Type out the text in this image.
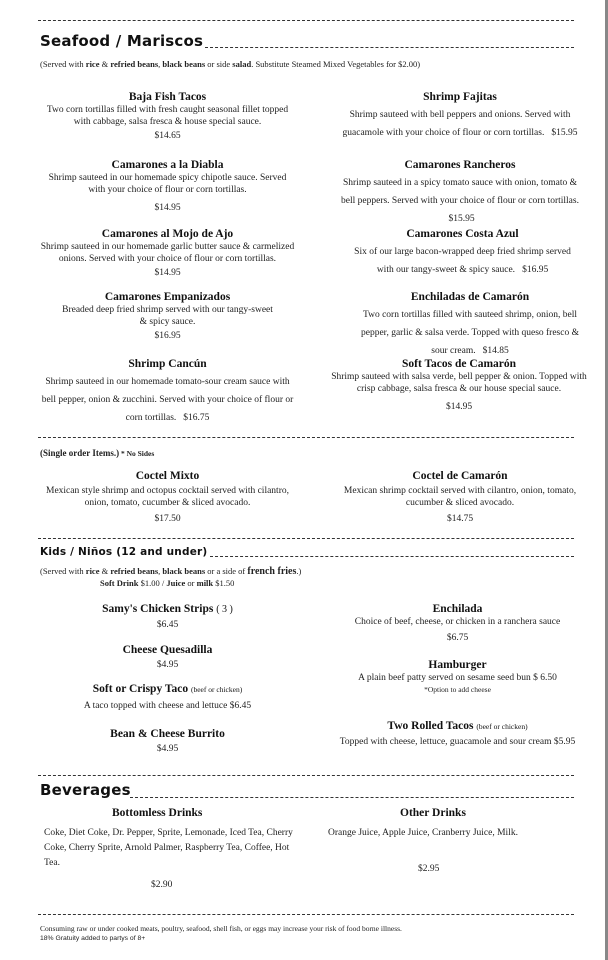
Seafood / Mariscos
(Served with rice & refried beans, black beans or side salad. Substitute Steamed Mixed Vegetables for $2.00)
Baja Fish Tacos
Two corn tortillas filled with fresh caught seasonal fillet topped with cabbage, salsa fresca & house special sauce.
$14.65
Camarones a la Diabla
Shrimp sauteed in our homemade spicy chipotle sauce. Served with your choice of flour or corn tortillas.
$14.95
Camarones al Mojo de Ajo
Shrimp sauteed in our homemade garlic butter sauce & carmelized onions. Served with your choice of flour or corn tortillas.
$14.95
Camarones Empanizados
Breaded deep fried shrimp served with our tangy-sweet & spicy sauce.
$16.95
Shrimp Cancún
Shrimp sauteed in our homemade tomato-sour cream sauce with bell pepper, onion & zucchini. Served with your choice of flour or corn tortillas. $16.75
Shrimp Fajitas
Shrimp sauteed with bell peppers and onions. Served with guacamole with your choice of flour or corn tortillas. $15.95
Camarones Rancheros
Shrimp sauteed in a spicy tomato sauce with onion, tomato & bell peppers. Served with your choice of flour or corn tortillas. $15.95
Camarones Costa Azul
Six of our large bacon-wrapped deep fried shrimp served with our tangy-sweet & spicy sauce. $16.95
Enchiladas de Camarón
Two corn tortillas filled with sauteed shrimp, onion, bell pepper, garlic & salsa verde. Topped with queso fresco & sour cream. $14.85
Soft Tacos de Camarón
Shrimp sauteed with salsa verde, bell pepper & onion. Topped with crisp cabbage, salsa fresca & our house special sauce.
$14.95
(Single order Items.) * No Sides
Coctel Mixto
Mexican style shrimp and octopus cocktail served with cilantro, onion, tomato, cucumber & sliced avocado.
$17.50
Coctel de Camarón
Mexican shrimp cocktail served with cilantro, onion, tomato, cucumber & sliced avocado.
$14.75
Kids / Niños (12 and under)
(Served with rice & refried beans, black beans or a side of french fries.)
Soft Drink $1.00 / Juice or milk $1.50
Samy's Chicken Strips ( 3 )
$6.45
Cheese Quesadilla
$4.95
Soft or Crispy Taco (beef or chicken)
A taco topped with cheese and lettuce $6.45
Bean & Cheese Burrito
$4.95
Enchilada
Choice of beef, cheese, or chicken in a ranchera sauce
$6.75
Hamburger
A plain beef patty served on sesame seed bun $ 6.50
*Option to add cheese
Two Rolled Tacos (beef or chicken)
Topped with cheese, lettuce, guacamole and sour cream $5.95
Beverages
Bottomless Drinks
Coke, Diet Coke, Dr. Pepper, Sprite, Lemonade, Iced Tea, Cherry Coke, Cherry Sprite, Arnold Palmer, Raspberry Tea, Coffee, Hot Tea.
$2.90
Other Drinks
Orange Juice, Apple Juice, Cranberry Juice, Milk.
$2.95
Consuming raw or under cooked meats, poultry, seafood, shell fish, or eggs may increase your risk of food borne illness.
18% Gratuity added to partys of 8+
